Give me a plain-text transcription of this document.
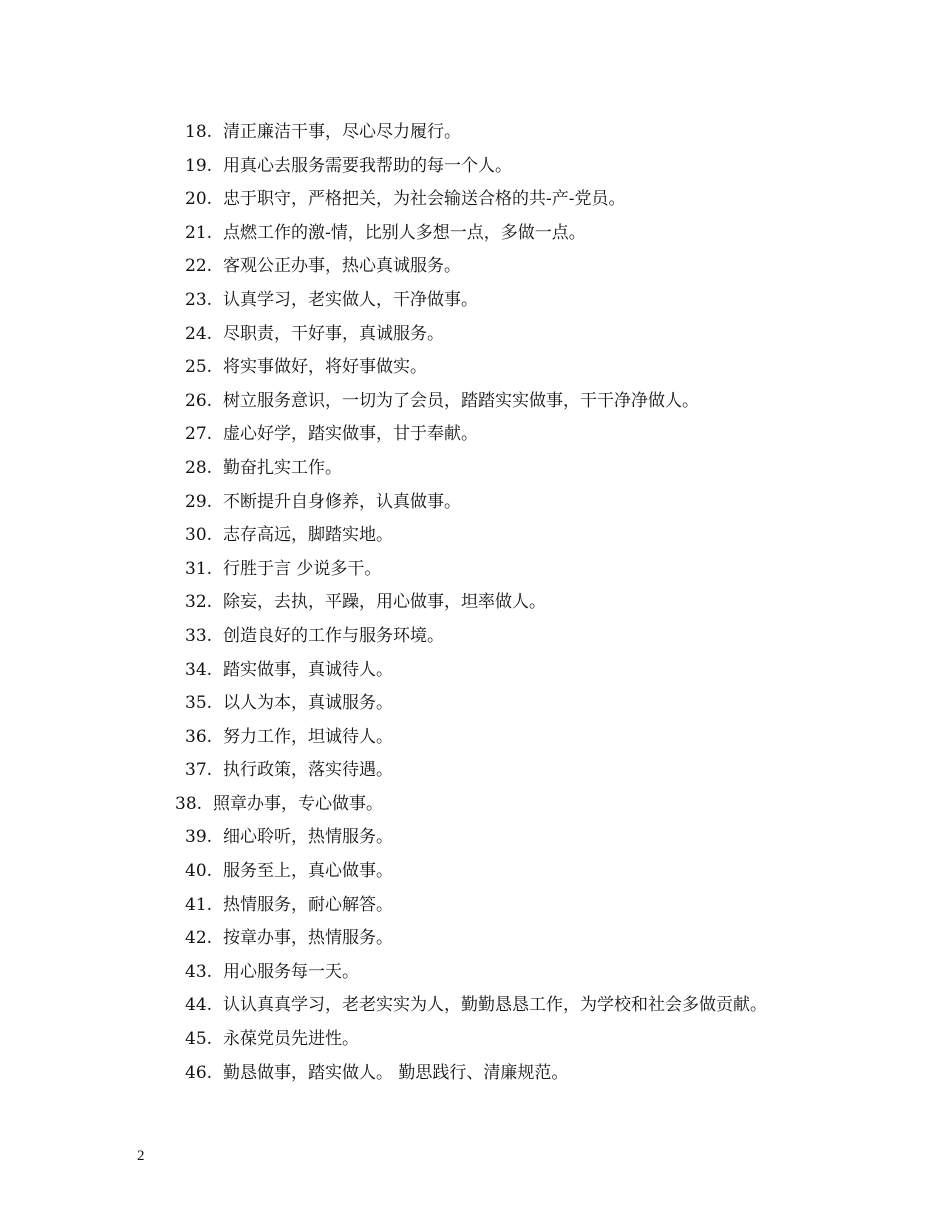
18. 清正廉洁干事，尽心尽力履行。
19. 用真心去服务需要我帮助的每一个人。
20. 忠于职守，严格把关，为社会输送合格的共-产-党员。
21. 点燃工作的激-情，比别人多想一点，多做一点。
22. 客观公正办事，热心真诚服务。
23. 认真学习，老实做人，干净做事。
24. 尽职责，干好事，真诚服务。
25. 将实事做好，将好事做实。
26. 树立服务意识，一切为了会员，踏踏实实做事，干干净净做人。
27. 虚心好学，踏实做事，甘于奉献。
28. 勤奋扎实工作。
29. 不断提升自身修养，认真做事。
30. 志存高远，脚踏实地。
31. 行胜于言 少说多干。
32. 除妄，去执，平躁，用心做事，坦率做人。
33. 创造良好的工作与服务环境。
34. 踏实做事，真诚待人。
35. 以人为本，真诚服务。
36. 努力工作，坦诚待人。
37. 执行政策，落实待遇。
38. 照章办事，专心做事。
39. 细心聆听，热情服务。
40. 服务至上，真心做事。
41. 热情服务，耐心解答。
42. 按章办事，热情服务。
43. 用心服务每一天。
44. 认认真真学习，老老实实为人，勤勤恳恳工作，为学校和社会多做贡献。
45. 永葆党员先进性。
46. 勤恳做事，踏实做人。 勤思践行、清廉规范。
2
